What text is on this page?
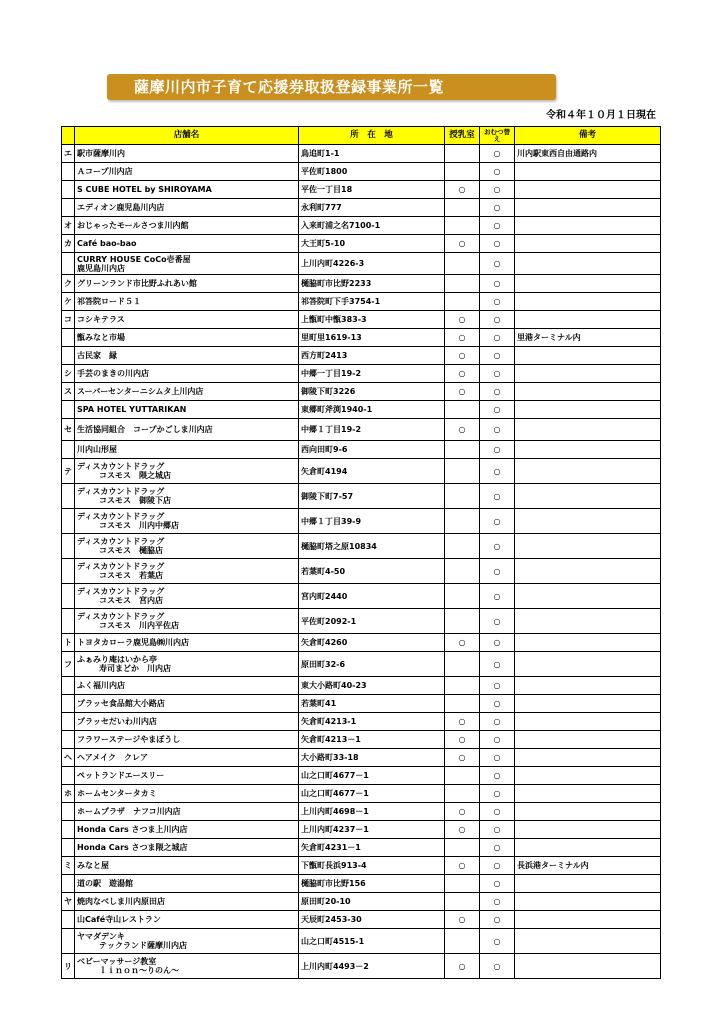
薩摩川内市子育て応援券取扱登録事業所一覧
令和４年１０月１日現在
	店舗名	所　在　地	授乳室	おむつ替え	備考
エ	駅市薩摩川内	鳥追町1-1		○	川内駅東西自由通路内

	Ａコープ川内店	平佐町1800		○	

	S CUBE HOTEL by SHIROYAMA	平佐一丁目18	○	○	

	エディオン鹿児島川内店	永利町777		○	
オ	おじゃったモールさつま川内館	入来町浦之名7100-1		○	
カ	Café bao-bao	大王町5-10	○	○	

	CURRY HOUSE CoCo壱番屋
鹿児島川内店	上川内町4226-3		○	
ク	グリーンランド市比野ふれあい館	樋脇町市比野2233		○	
ケ	祁答院ロード５１	祁答院町下手3754-1		○	
コ	コシキテラス	上甑町中甑383-3	○	○	

	甑みなと市場	里町里1619-13	○	○	里港ターミナル内

	古民家　縁	西方町2413	○	○	
シ	手芸のまきの川内店	中郷一丁目19-2	○	○	
ス	スーパーセンターニシムタ上川内店	御陵下町3226	○	○	

	SPA HOTEL YUTTARIKAN	東郷町斧渕1940-1		○	
セ	生活協同組合　コープかごしま川内店	中郷１丁目19-2	○	○	

	川内山形屋	西向田町9-6		○	
テ	ディスカウントドラッグ
コスモス　隈之城店	矢倉町4194		○	

	ディスカウントドラッグ
コスモス　御陵下店	御陵下町7-57		○	

	ディスカウントドラッグ
コスモス　川内中郷店	中郷１丁目39-9		○	

	ディスカウントドラッグ
コスモス　樋脇店	樋脇町塔之原10834		○	

	ディスカウントドラッグ
コスモス　若葉店	若葉町4-50		○	

	ディスカウントドラッグ
コスモス　宮内店	宮内町2440		○	

	ディスカウントドラッグ
コスモス　川内平佐店	平佐町2092-1		○	
ト	トヨタカローラ鹿児島㈱川内店	矢倉町4260	○	○	
フ	ふぁみり庵はいから亭
寿司まどか　川内店	原田町32-6		○	

	ふく福川内店	東大小路町40-23		○	

	プラッセ食品館大小路店	若葉町41		○	

	プラッセだいわ川内店	矢倉町4213-1	○	○	

	フラワーステージやまぼうし	矢倉町4213－1	○	○	
ヘ	ヘアメイク　クレア	大小路町33-18	○	○	

	ペットランドエースリー	山之口町4677－1		○	
ホ	ホームセンタータカミ	山之口町4677－1		○	

	ホームプラザ　ナフコ川内店	上川内町4698－1	○	○	

	Honda Cars さつま上川内店	上川内町4237－1	○	○	

	Honda Cars さつま隈之城店	矢倉町4231－1		○	
ミ	みなと屋	下甑町長浜913-4	○	○	長浜港ターミナル内

	道の駅　遊湯館	樋脇町市比野156		○	
ヤ	焼肉なべしま川内原田店	原田町20-10		○	

	山Café寺山レストラン	天辰町2453-30	○	○	

	ヤマダデンキ
テックランド薩摩川内店	山之口町4515-1		○	
リ	ベビーマッサージ教室
ｌｉｎｏｎ～りのん～	上川内町4493－2	○	○	
